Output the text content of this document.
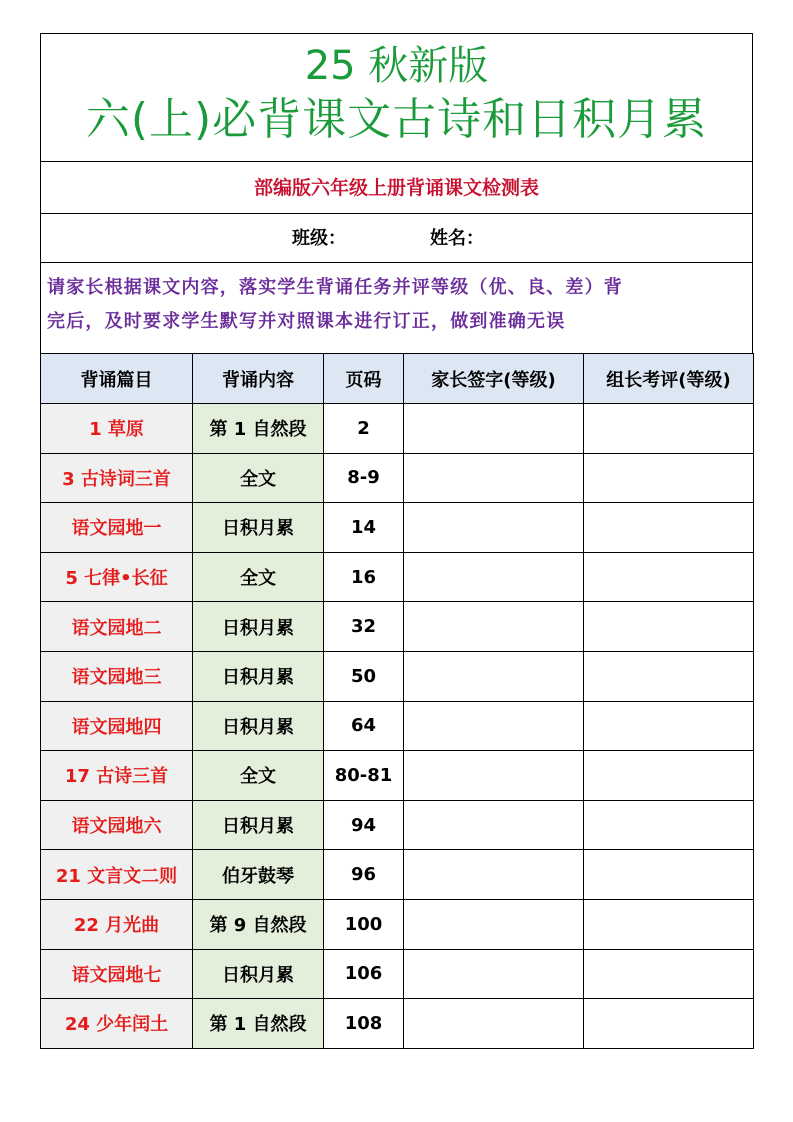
25 秋新版
六(上)必背课文古诗和日积月累
部编版六年级上册背诵课文检测表
班级：	姓名：
请家长根据课文内容，落实学生背诵任务并评等级（优、良、差）背
完后，及时要求学生默写并对照课本进行订正，做到准确无误
背诵篇目	背诵内容	页码	家长签字(等级)	组长考评(等级)
1 草原	第 1 自然段	2		
3 古诗词三首	全文	8-9		
语文园地一	日积月累	14		
5 七律•长征	全文	16		
语文园地二	日积月累	32		
语文园地三	日积月累	50		
语文园地四	日积月累	64		
17 古诗三首	全文	80-81		
语文园地六	日积月累	94		
21 文言文二则	伯牙鼓琴	96		
22 月光曲	第 9 自然段	100		
语文园地七	日积月累	106		
24 少年闰土	第 1 自然段	108		
